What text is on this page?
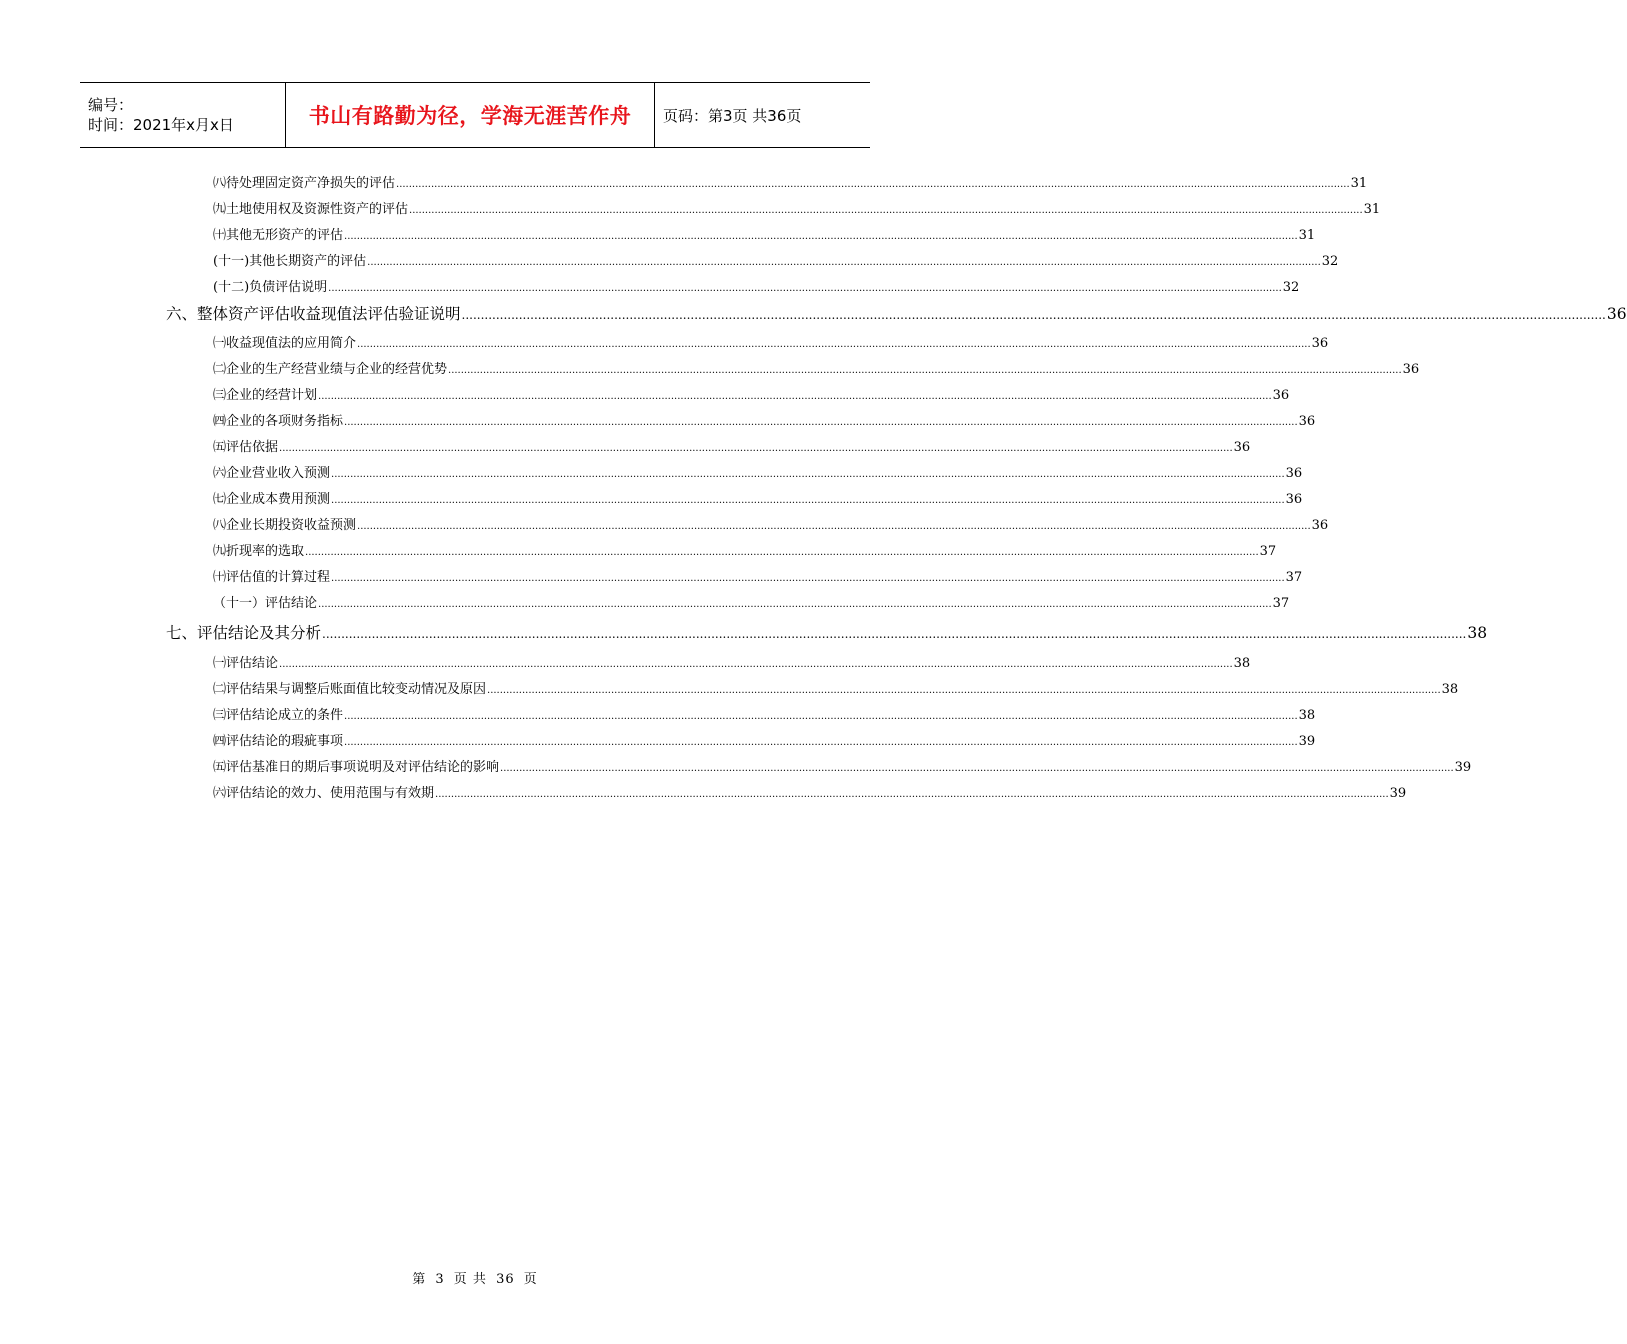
编号：
时间：2021年x月x日	书山有路勤为径，学海无涯苦作舟	页码：第3页 共36页
㈧待处理固定资产净损失的评估 ............................................................................................................................................................................................................................................................................................................ 31
㈨土地使用权及资源性资产的评估 ............................................................................................................................................................................................................................................................................................................ 31
㈩其他无形资产的评估 ............................................................................................................................................................................................................................................................................................................ 31
(十一)其他长期资产的评估 ............................................................................................................................................................................................................................................................................................................ 32
(十二)负债评估说明 ............................................................................................................................................................................................................................................................................................................ 32
六、整体资产评估收益现值法评估验证说明 ............................................................................................................................................................................................................................................................................................................ 36
㈠收益现值法的应用简介 ............................................................................................................................................................................................................................................................................................................ 36
㈡企业的生产经营业绩与企业的经营优势 ............................................................................................................................................................................................................................................................................................................ 36
㈢企业的经营计划 ............................................................................................................................................................................................................................................................................................................ 36
㈣企业的各项财务指标 ............................................................................................................................................................................................................................................................................................................ 36
㈤评估依据 ............................................................................................................................................................................................................................................................................................................ 36
㈥企业营业收入预测 ............................................................................................................................................................................................................................................................................................................ 36
㈦企业成本费用预测 ............................................................................................................................................................................................................................................................................................................ 36
㈧企业长期投资收益预测 ............................................................................................................................................................................................................................................................................................................ 36
㈨折现率的选取 ............................................................................................................................................................................................................................................................................................................ 37
㈩评估值的计算过程 ............................................................................................................................................................................................................................................................................................................ 37
（十一）评估结论 ............................................................................................................................................................................................................................................................................................................ 37
七、评估结论及其分析 ............................................................................................................................................................................................................................................................................................................ 38
㈠评估结论 ............................................................................................................................................................................................................................................................................................................ 38
㈡评估结果与调整后账面值比较变动情况及原因 ............................................................................................................................................................................................................................................................................................................ 38
㈢评估结论成立的条件 ............................................................................................................................................................................................................................................................................................................ 38
㈣评估结论的瑕疵事项 ............................................................................................................................................................................................................................................................................................................ 39
㈤评估基准日的期后事项说明及对评估结论的影响 ............................................................................................................................................................................................................................................................................................................ 39
㈥评估结论的效力、使用范围与有效期 ............................................................................................................................................................................................................................................................................................................ 39
第 3 页 共 36 页
